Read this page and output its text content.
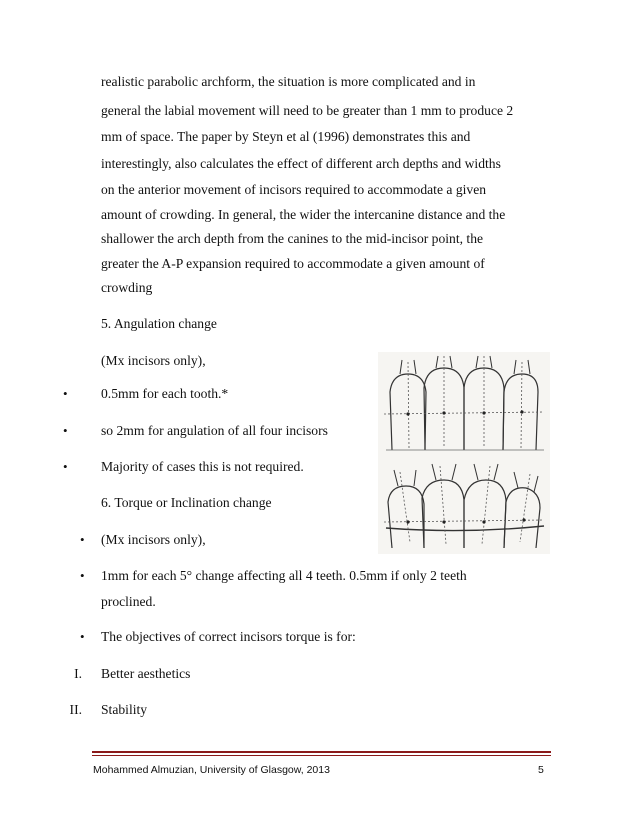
realistic parabolic archform, the situation is more complicated and in
general the labial movement will need to be greater than 1 mm to produce 2
mm of space. The paper by Steyn et al (1996) demonstrates this and
interestingly, also calculates the effect of different arch depths and widths
on the anterior movement of incisors required to accommodate a given
amount of crowding. In general, the wider the intercanine distance and the
shallower the arch depth from the canines to the mid-incisor point, the
greater the A-P expansion required to accommodate a given amount of
crowding
5. Angulation change
(Mx incisors only),
• 0.5mm for each tooth.*
• so 2mm for angulation of all four incisors
• Majority of cases this is not required.
6. Torque or Inclination change
• (Mx incisors only),
• 1mm for each 5° change affecting all 4 teeth. 0.5mm if only 2 teeth
proclined.
• The objectives of correct incisors torque is for:
I. Better aesthetics
II. Stability
Mohammed Almuzian, University of Glasgow, 2013	5
